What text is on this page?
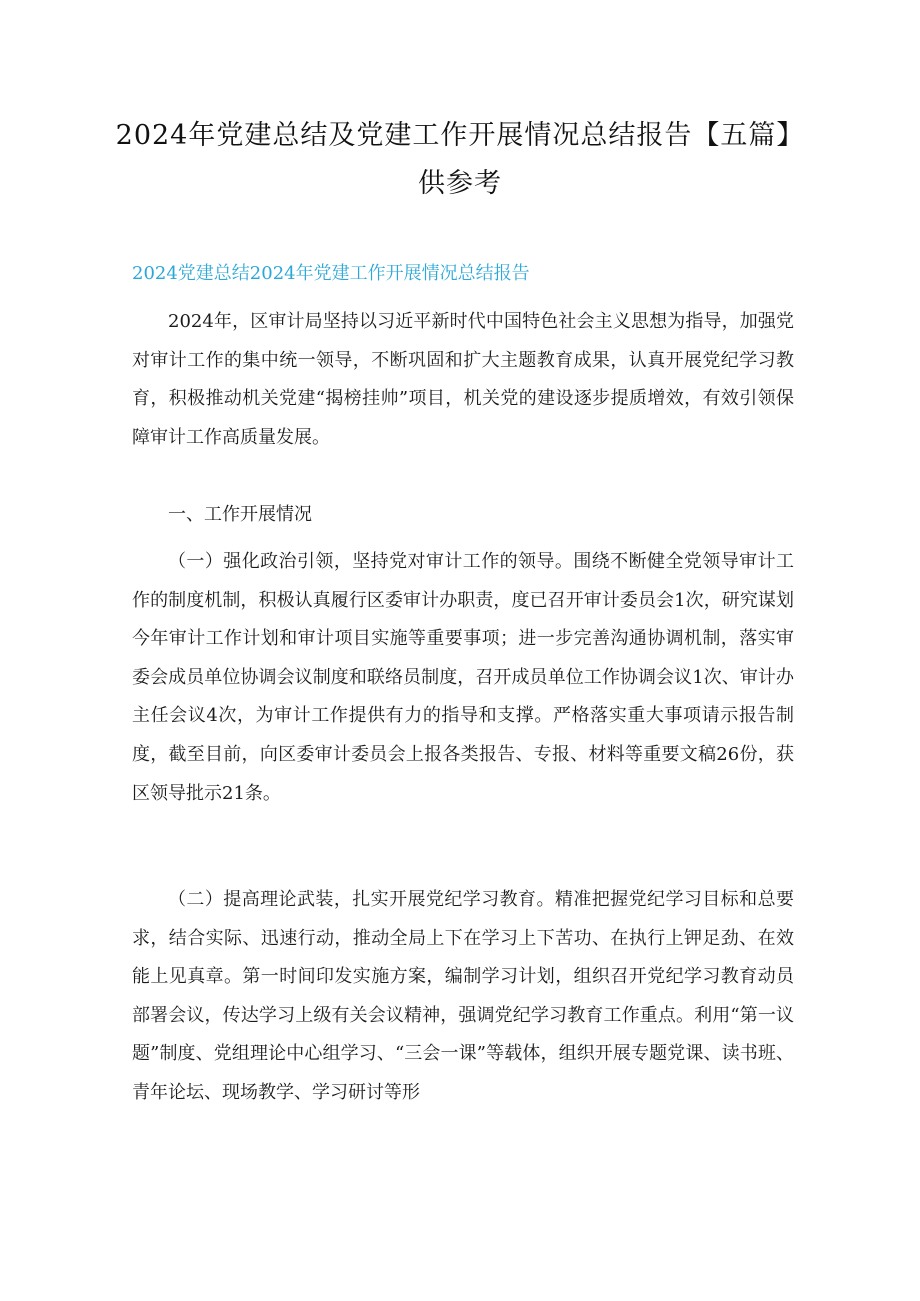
2024年党建总结及党建工作开展情况总结报告【五篇】供参考
2024党建总结2024年党建工作开展情况总结报告

2024年，区审计局坚持以习近平新时代中国特色社会主义思想为指导，加强党对审计工作的集中统一领导，不断巩固和扩大主题教育成果，认真开展党纪学习教育，积极推动机关党建“揭榜挂帅”项目，机关党的建设逐步提质增效，有效引领保障审计工作高质量发展。

一、工作开展情况

（一）强化政治引领，坚持党对审计工作的领导。围绕不断健全党领导审计工作的制度机制，积极认真履行区委审计办职责，度已召开审计委员会1次，研究谋划今年审计工作计划和审计项目实施等重要事项；进一步完善沟通协调机制，落实审委会成员单位协调会议制度和联络员制度，召开成员单位工作协调会议1次、审计办主任会议4次，为审计工作提供有力的指导和支撑。严格落实重大事项请示报告制度，截至目前，向区委审计委员会上报各类报告、专报、材料等重要文稿26份，获区领导批示21条。

（二）提高理论武装，扎实开展党纪学习教育。精准把握党纪学习目标和总要求，结合实际、迅速行动，推动全局上下在学习上下苦功、在执行上钾足劲、在效能上见真章。第一时间印发实施方案，编制学习计划，组织召开党纪学习教育动员部署会议，传达学习上级有关会议精神，强调党纪学习教育工作重点。利用“第一议题”制度、党组理论中心组学习、“三会一课”等载体，组织开展专题党课、读书班、青年论坛、现场教学、学习研讨等形
